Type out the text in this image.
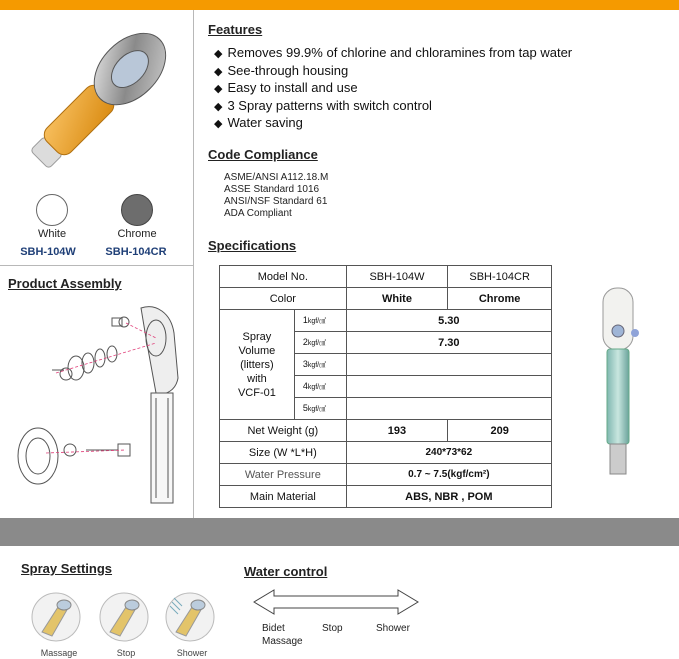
White	Chrome
SBH-104W	SBH-104CR
Product Assembly
Features
◆ Removes 99.9% of chlorine and chloramines from tap water
◆ See-through housing
◆ Easy to install and use
◆ 3 Spray patterns with switch control
◆ Water saving
Code Compliance
ASME/ANSI A112.18.M
ASSE Standard 1016
ANSI/NSF Standard 61
ADA Compliant
Specifications
Model No.		SBH-104W	SBH-104CR
Color		White	Chrome

Spray
Volume
(litters)
with
VCF-01	1kgf/㎠	5.30	
	2kgf/㎠	7.30	
	3kgf/㎠		
	4kgf/㎠		
	5kgf/㎠		
Net Weight (g)		193	209
Size (W *L*H)		240*73*62	
Water Pressure		0.7 ~ 7.5(kgf/cm²)	
Main Material		ABS, NBR , POM	
Spray Settings
Massage	Stop	Shower
Water control
Bidet
Massage
Stop	Shower
